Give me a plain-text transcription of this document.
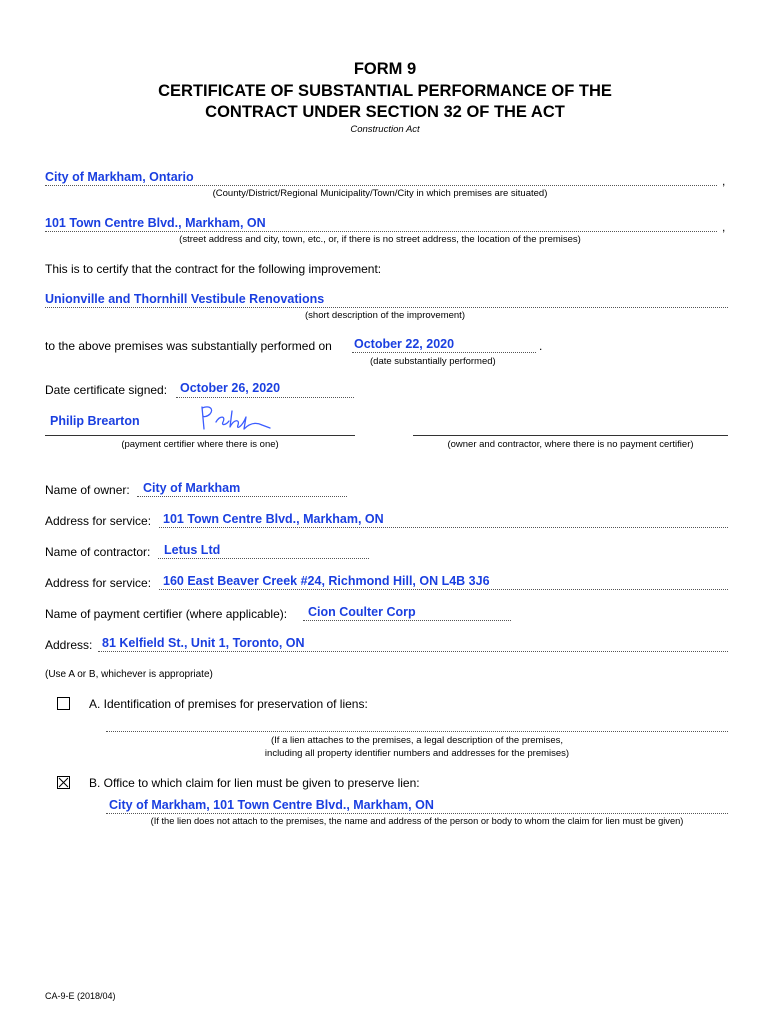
FORM 9
CERTIFICATE OF SUBSTANTIAL PERFORMANCE OF THE
CONTRACT UNDER SECTION 32 OF THE ACT
Construction Act
City of Markham, Ontario	,
(County/District/Regional Municipality/Town/City in which premises are situated)
101 Town Centre Blvd., Markham, ON	,
(street address and city, town, etc., or, if there is no street address, the location of the premises)
This is to certify that the contract for the following improvement:
Unionville and Thornhill Vestibule Renovations
(short description of the improvement)
to the above premises was substantially performed on October 22, 2020	.
(date substantially performed)
Date certificate signed: October 26, 2020
Philip Brearton
(payment certifier where there is one)	(owner and contractor, where there is no payment certifier)
Name of owner: City of Markham
Address for service: 101 Town Centre Blvd., Markham, ON
Name of contractor: Letus Ltd
Address for service: 160 East Beaver Creek #24, Richmond Hill, ON L4B 3J6
Name of payment certifier (where applicable): Cion Coulter Corp
Address: 81 Kelfield St., Unit 1, Toronto, ON
(Use A or B, whichever is appropriate)
A. Identification of premises for preservation of liens:
(If a lien attaches to the premises, a legal description of the premises,
including all property identifier numbers and addresses for the premises)
B. Office to which claim for lien must be given to preserve lien:
City of Markham, 101 Town Centre Blvd., Markham, ON
(If the lien does not attach to the premises, the name and address of the person or body to whom the claim for lien must be given)
CA-9-E (2018/04)
